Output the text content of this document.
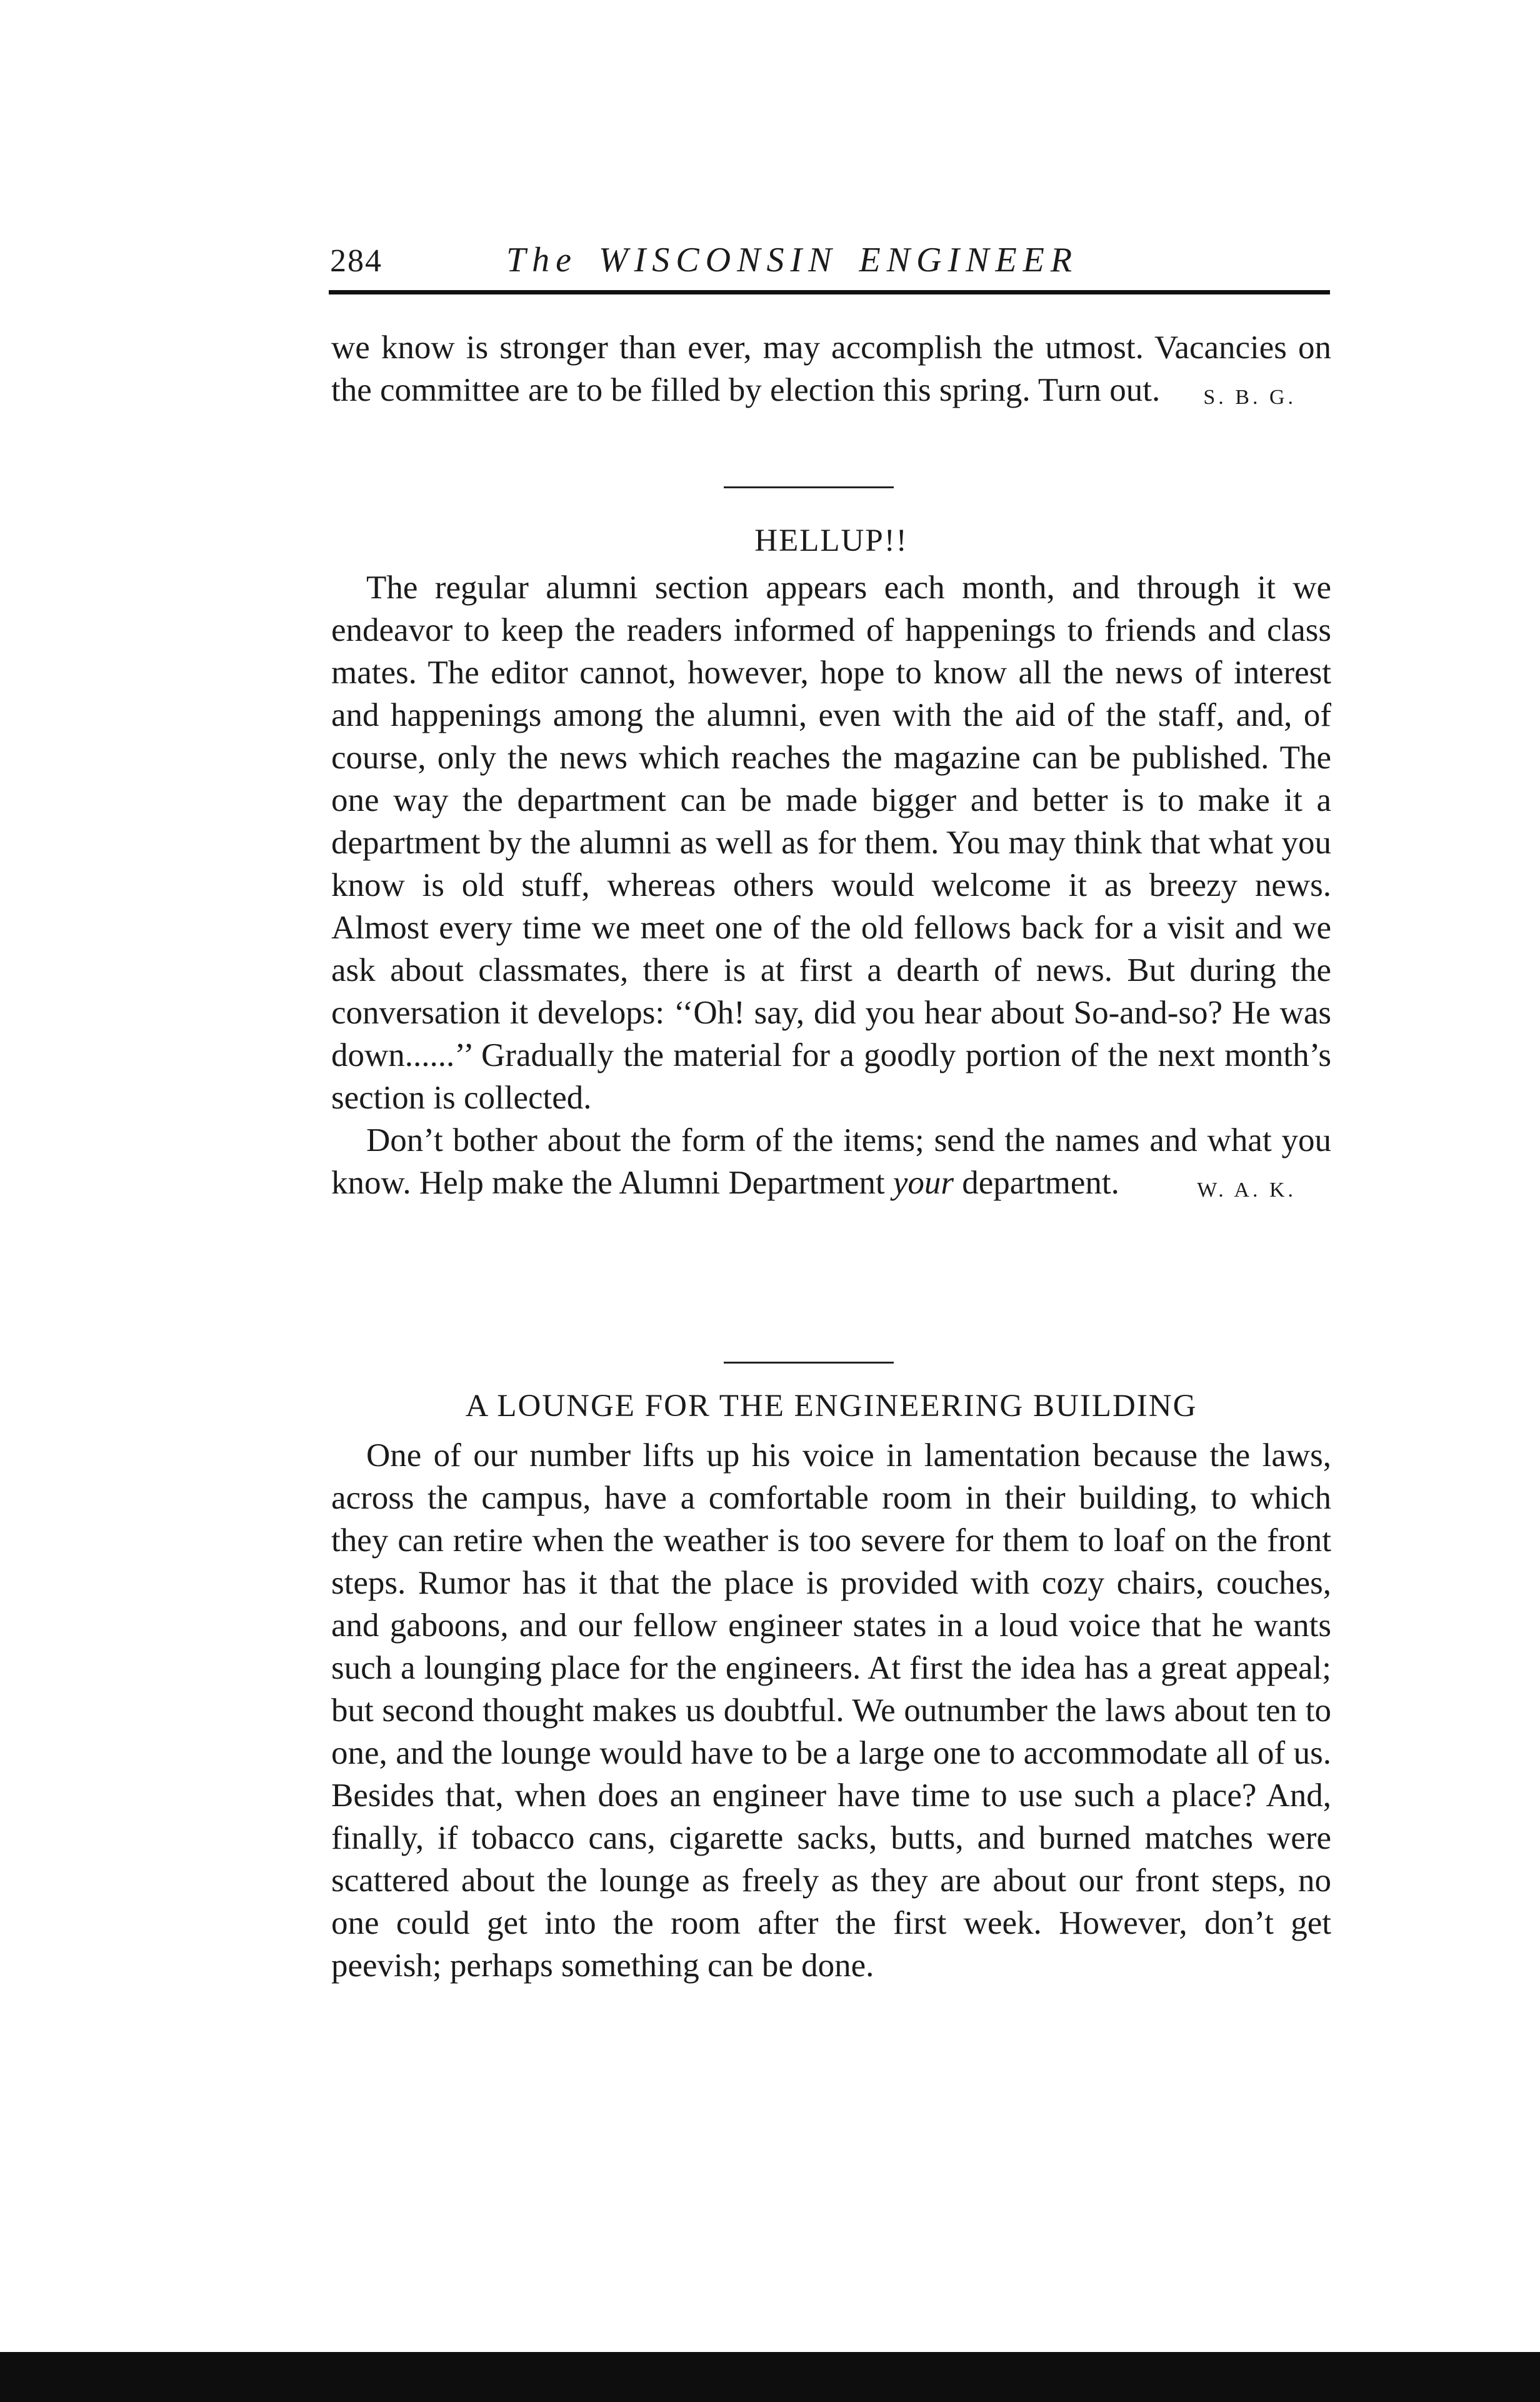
284	The WISCONSIN ENGINEER

we know is stronger than ever, may accomplish the utmost. Vacancies on the committee are to be filled by election this spring. Turn out. S. B. G.

HELLUP!!

The regular alumni section appears each month, and through it we endeavor to keep the readers informed of happenings to friends and class mates. The editor cannot, however, hope to know all the news of interest and happenings among the alumni, even with the aid of the staff, and, of course, only the news which reaches the magazine can be published. The one way the department can be made bigger and better is to make it a department by the alumni as well as for them. You may think that what you know is old stuff, whereas others would welcome it as breezy news. Almost every time we meet one of the old fellows back for a visit and we ask about classmates, there is at first a dearth of news. But during the conversation it develops: ‘‘Oh! say, did you hear about So-and-so? He was down......’’ Gradually the material for a goodly portion of the next month’s section is collected.

Don’t bother about the form of the items; send the names and what you know. Help make the Alumni Department your department.	W. A. K.

A LOUNGE FOR THE ENGINEERING BUILDING

One of our number lifts up his voice in lamentation because the laws, across the campus, have a comfortable room in their building, to which they can retire when the weather is too severe for them to loaf on the front steps. Rumor has it that the place is provided with cozy chairs, couches, and gaboons, and our fellow engineer states in a loud voice that he wants such a lounging place for the engineers. At first the idea has a great appeal; but second thought makes us doubtful. We outnumber the laws about ten to one, and the lounge would have to be a large one to accommodate all of us. Besides that, when does an engineer have time to use such a place? And, finally, if tobacco cans, cigarette sacks, butts, and burned matches were scattered about the lounge as freely as they are about our front steps, no one could get into the room after the first week. However, don’t get peevish; perhaps something can be done.
